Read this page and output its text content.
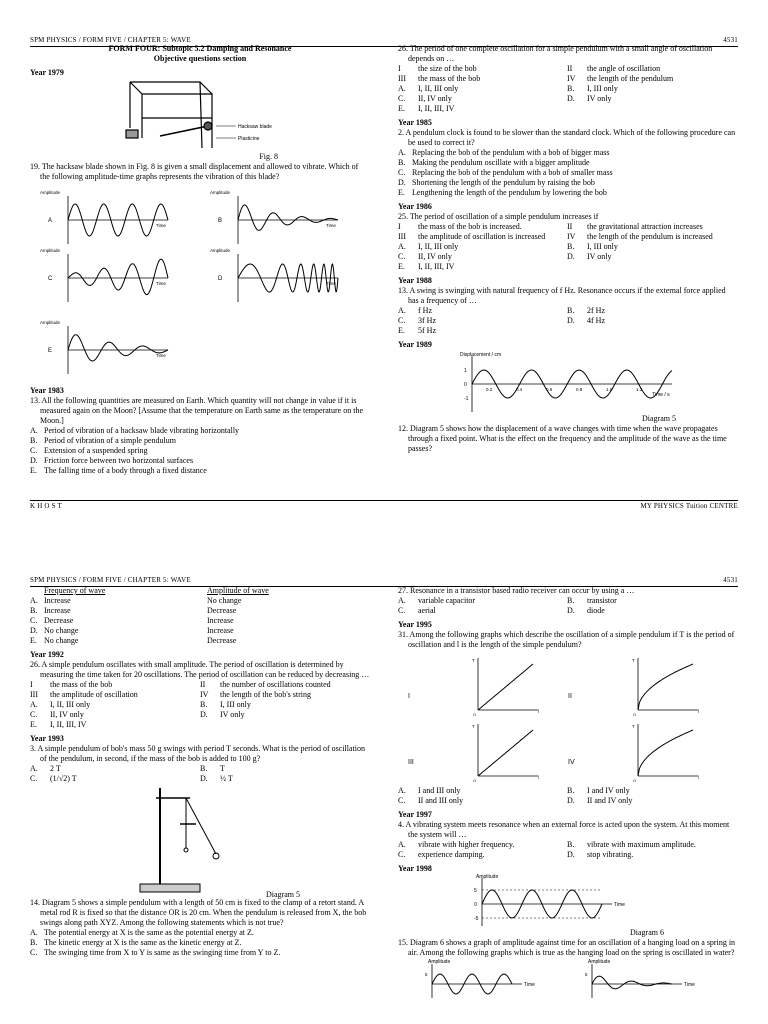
SPM PHYSICS / FORM FIVE / CHAPTER 5: WAVE	4531
FORM FOUR: Subtopic 5.2 Damping and Resonance
Objective questions section
Year 1979
Hacksaw blade
Plasticine
Fig. 8
19. The hacksaw blade shown in Fig. 8 is given a small displacement and allowed to vibrate. Which of the following amplitude-time graphs represents the vibration of this blade?
Amplitude
Time
A
Amplitude
Time
B
Amplitude
Time
C
Amplitude
Time
D
Amplitude
Time
E
Year 1983
13. All the following quantities are measured on Earth. Which quantity will not change in value if it is measured again on the Moon? [Assume that the temperature on Earth same as the temperature on the Moon.]
A. Period of vibration of a hacksaw blade vibrating horizontally
B. Period of vibration of a simple pendulum
C. Extension of a suspended spring
D. Friction force between two horizontal surfaces
E. The falling time of a body through a fixed distance
26. The period of one complete oscillation for a simple pendulum with a small angle of oscillation depends on …
I	the size of the bob	II	the angle of oscillation
III	the mass of the bob	IV	the length of the pendulum
A.	I, II, III only	B.	I, III only
C.	II, IV only	D.	IV only
E.	I, II, III, IV
Year 1985
2. A pendulum clock is found to be slower than the standard clock. Which of the following procedure can be used to correct it?
A. Replacing the bob of the pendulum with a bob of bigger mass
B. Making the pendulum oscillate with a bigger amplitude
C. Replacing the bob of the pendulum with a bob of smaller mass
D. Shortening the length of the pendulum by raising the bob
E. Lengthening the length of the pendulum by lowering the bob
Year 1986
25. The period of oscillation of a simple pendulum increases if
I	the mass of the bob is increased.	II	the gravitational attraction increases
III	the amplitude of oscillation is increased	IV	the length of the pendulum is increased
A.	I, II, III only	B.	I, III only
C.	II, IV only	D.	IV only
E.	I, II, III, IV
Year 1988
13. A swing is swinging with natural frequency of f Hz. Resonance occurs if the external force applied has a frequency of …
A.	f Hz	B.	2f Hz
C.	3f Hz	D.	4f Hz
E.	5f Hz
Year 1989
Displacement / cm
Time / s
1
0
-1
0.2	0.4	0.6	0.8	1.0	1.2
Diagram 5
12. Diagram 5 shows how the displacement of a wave changes with time when the wave propagates through a fixed point. What is the effect on the frequency and the amplitude of the wave as the time passes?
K H O S T	MY PHYSICS Tuition CENTRE
SPM PHYSICS / FORM FIVE / CHAPTER 5: WAVE	4531
Frequency of wave	Amplitude of wave
A. Increase	No change
B. Increase	Decrease
C. Decrease	Increase
D. No change	Increase
E. No change	Decrease
Year 1992
26. A simple pendulum oscillates with small amplitude. The period of oscillation is determined by measuring the time taken for 20 oscillations. The period of oscillation can be reduced by decreasing …
I	the mass of the bob	II	the number of oscillations counted
III	the amplitude of oscillation	IV	the length of the bob's string
A.	I, II, III only	B.	I, III only
C.	II, IV only	D.	IV only
E.	I, II, III, IV
Year 1993
3. A simple pendulum of bob's mass 50 g swings with period T seconds. What is the period of oscillation of the pendulum, in second, if the mass of the bob is added to 100 g?
A.	2 T	B.	T
C.	(1/√2) T	D.	½ T
Diagram 5
14. Diagram 5 shows a simple pendulum with a length of 50 cm is fixed to the clamp of a retort stand. A metal rod R is fixed so that the distance OR is 20 cm. When the pendulum is released from X, the bob swings along path XYZ. Among the following statements which is not true?
A. The potential energy at X is the same as the potential energy at Z.
B. The kinetic energy at X is the same as the kinetic energy at Z.
C. The swinging time from X to Y is same as the swinging time from Y to Z.
27. Resonance in a transistor based radio receiver can occur by using a …
A.	variable capacitor	B.	transistor
C.	aerial	D.	diode
Year 1995
31. Among the following graphs which describe the oscillation of a simple pendulum if T is the period of oscillation and l is the length of the simple pendulum?
I
T
l
O
II
T
l
O
III
T
l
O
IV
T
l
O
A.	I and III only	B.	I and IV only
C.	II and III only	D.	II and IV only
Year 1997
4. A vibrating system meets resonance when an external force is acted upon the system. At this moment the system will …
A.	vibrate with higher frequency.	B.	vibrate with maximum amplitude.
C.	experience damping.	D.	stop vibrating.
Year 1998
Amplitude
Time
5
0
-5
Diagram 6
15. Diagram 6 shows a graph of amplitude against time for an oscillation of a hanging load on a spring in air. Among the following graphs which is true as the hanging load on the spring is oscillated in water?
Amplitude
Time
5
Amplitude
Time
5
